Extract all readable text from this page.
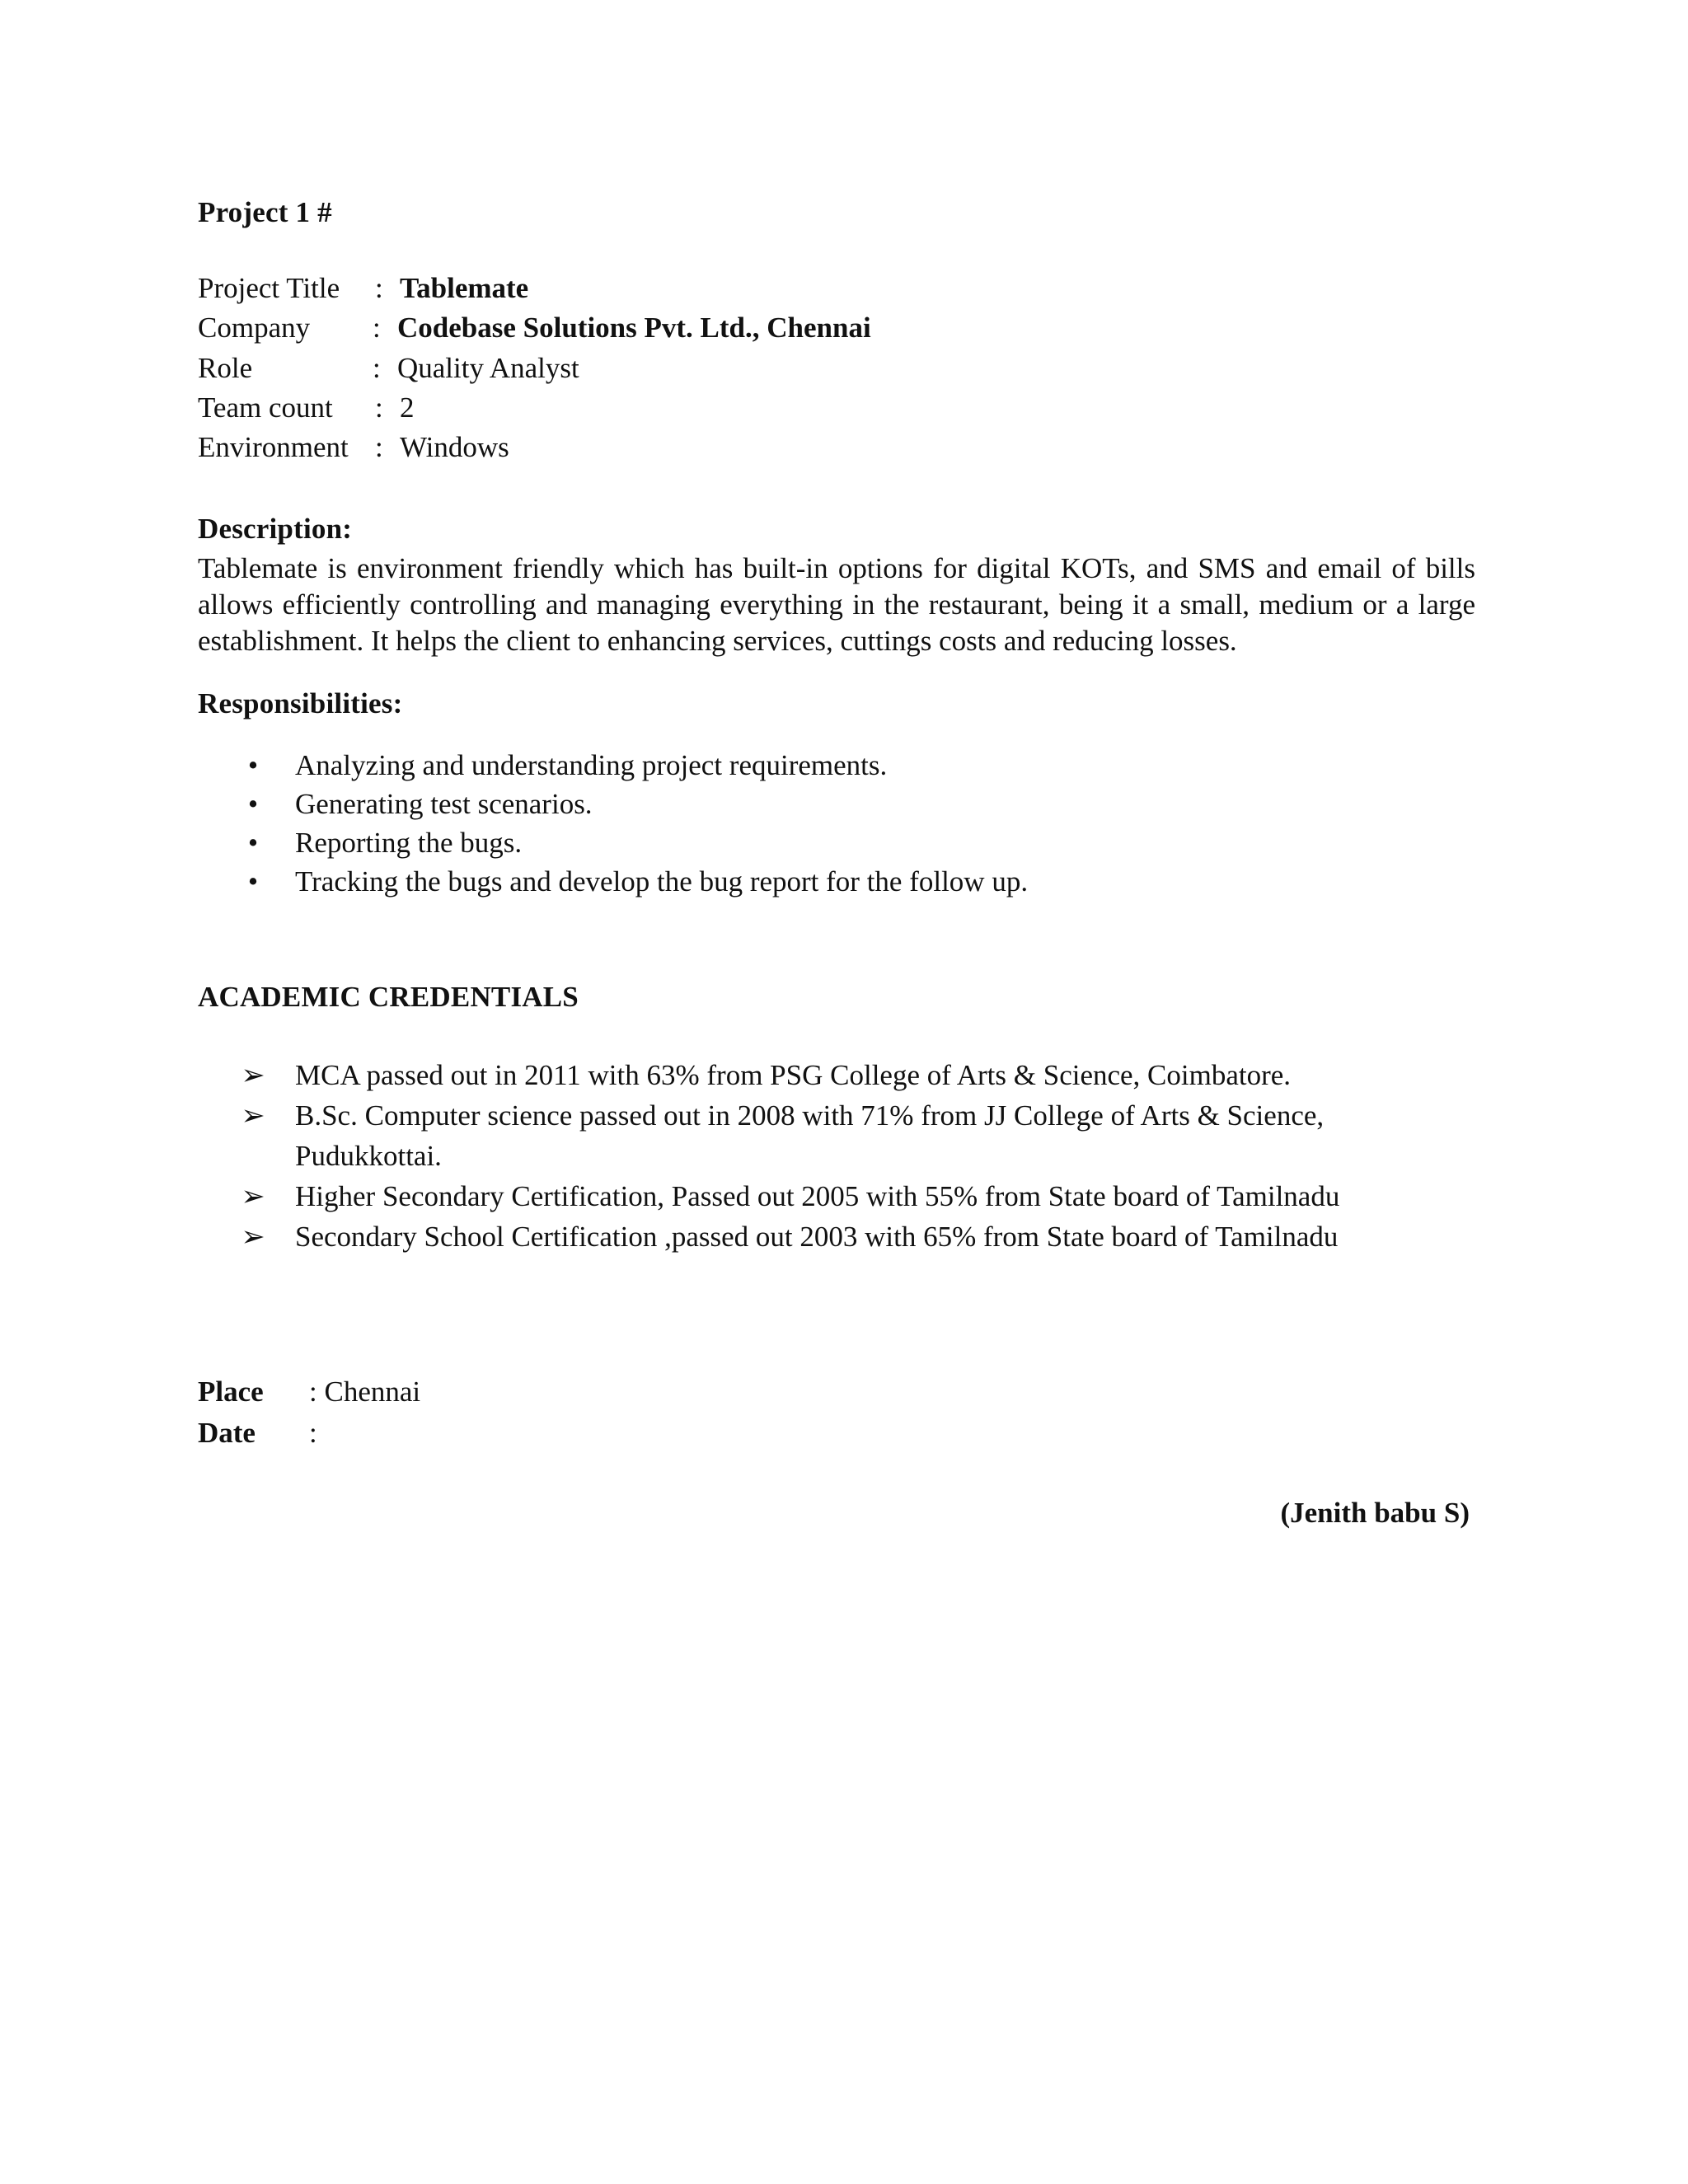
Project 1 #
Project Title : Tablemate
Company : Codebase Solutions Pvt. Ltd., Chennai
Role	: Quality Analyst
Team count : 2
Environment : Windows
Description:
Tablemate is environment friendly which has built-in options for digital KOTs, and SMS and email of bills allows efficiently controlling and managing everything in the restaurant, being it a small, medium or a large establishment. It helps the client to enhancing services, cuttings costs and reducing losses.
Responsibilities:
• Analyzing and understanding project requirements.
• Generating test scenarios.
• Reporting the bugs.
• Tracking the bugs and develop the bug report for the follow up.
ACADEMIC CREDENTIALS
➢ MCA passed out in 2011 with 63% from PSG College of Arts & Science, Coimbatore.
➢ B.Sc. Computer science passed out in 2008 with 71% from JJ College of Arts & Science,
Pudukkottai.
➢ Higher Secondary Certification, Passed out 2005 with 55% from State board of Tamilnadu
➢ Secondary School Certification ,passed out 2003 with 65% from State board of Tamilnadu
Place : Chennai
Date :
(Jenith babu S)
